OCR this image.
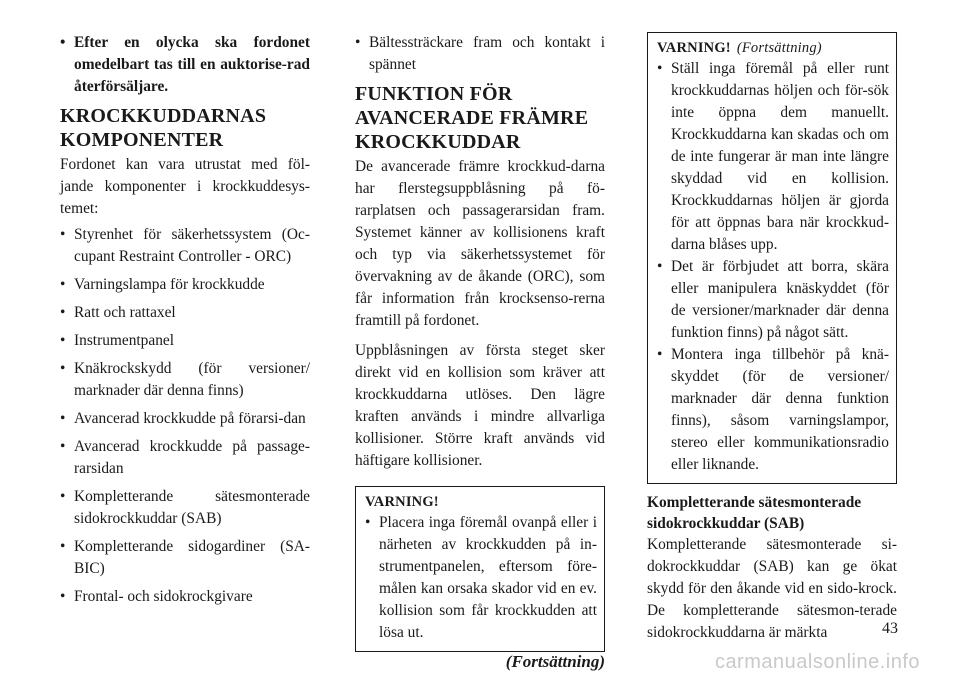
• Efter en olycka ska fordonet omedelbart tas till en auktorise-rad återförsäljare.
KROCKKUDDARNAS KOMPONENTER

Fordonet kan vara utrustat med föl-jande komponenter i krockkuddesys-temet:

• Styrenhet för säkerhetssystem (Oc-cupant Restraint Controller - ORC)
• Varningslampa för krockkudde
• Ratt och rattaxel
• Instrumentpanel
• Knäkrockskydd (för versioner/ marknader där denna finns)
• Avancerad krockkudde på förarsi-dan
• Avancerad krockkudde på passage-rarsidan
• Kompletterande sätesmonterade sidokrockkuddar (SAB)
• Kompletterande sidogardiner (SA-BIC)
• Frontal- och sidokrockgivare
• Bältessträckare fram och kontakt i spännet
FUNKTION FÖR AVANCERADE FRÄMRE KROCKKUDDAR

De avancerade främre krockkud-darna har flerstegsuppblåsning på fö-rarplatsen och passagerarsidan fram. Systemet känner av kollisionens kraft och typ via säkerhetssystemet för övervakning av de åkande (ORC), som får information från krocksenso-rerna framtill på fordonet.

Uppblåsningen av första steget sker direkt vid en kollision som kräver att krockkuddarna utlöses. Den lägre kraften används i mindre allvarliga kollisioner. Större kraft används vid häftigare kollisioner.

VARNING!
• Placera inga föremål ovanpå eller i närheten av krockkudden på in-strumentpanelen, eftersom före-målen kan orsaka skador vid en ev. kollision som får krockkudden att lösa ut.
(Fortsättning)
VARNING! (Fortsättning)
• Ställ inga föremål på eller runt krockkuddarnas höljen och för-sök inte öppna dem manuellt. Krockkuddarna kan skadas och om de inte fungerar är man inte längre skyddad vid en kollision. Krockkuddarnas höljen är gjorda för att öppnas bara när krockkud-darna blåses upp.
• Det är förbjudet att borra, skära eller manipulera knäskyddet (för de versioner/marknader där denna funktion finns) på något sätt.
• Montera inga tillbehör på knä-skyddet (för de versioner/ marknader där denna funktion finns), såsom varningslampor, stereo eller kommunikationsradio eller liknande.
Kompletterande sätesmonterade sidokrockkuddar (SAB)

Kompletterande sätesmonterade si-dokrockkuddar (SAB) kan ge ökat skydd för den åkande vid en sido-krock. De kompletterande sätesmon-terade sidokrockkuddarna är märkta	43
carmanualsonline.info
